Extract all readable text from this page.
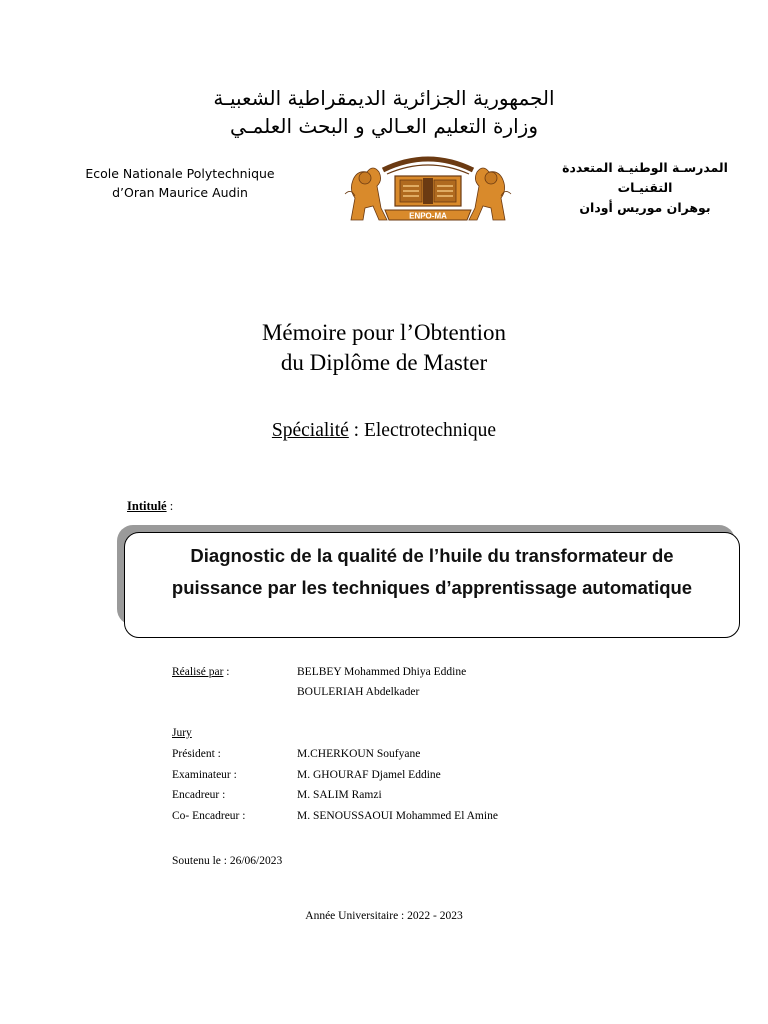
الجمهورية الجزائرية الديمقراطية الشعبيـة
وزارة التعليم العـالي و البحث العلمـي
Ecole Nationale Polytechnique
d’Oran Maurice Audin
ENPO-MA
المدرسـة الوطنيـة المتعددة التقنيـات
بوهران موريس أودان
Mémoire pour l’Obtention
du Diplôme de Master
Spécialité : Electrotechnique
Intitulé :
Diagnostic de la qualité de l’huile du transformateur de
puissance par les techniques d’apprentissage automatique
Réalisé par :	BELBEY Mohammed Dhiya Eddine
BOULERIAH Abdelkader
Jury
Président :	M.CHERKOUN Soufyane
Examinateur :	M. GHOURAF Djamel Eddine
Encadreur :	M. SALIM Ramzi
Co- Encadreur :	M. SENOUSSAOUI Mohammed El Amine
Soutenu le : 26/06/2023
Année Universitaire : 2022 - 2023
